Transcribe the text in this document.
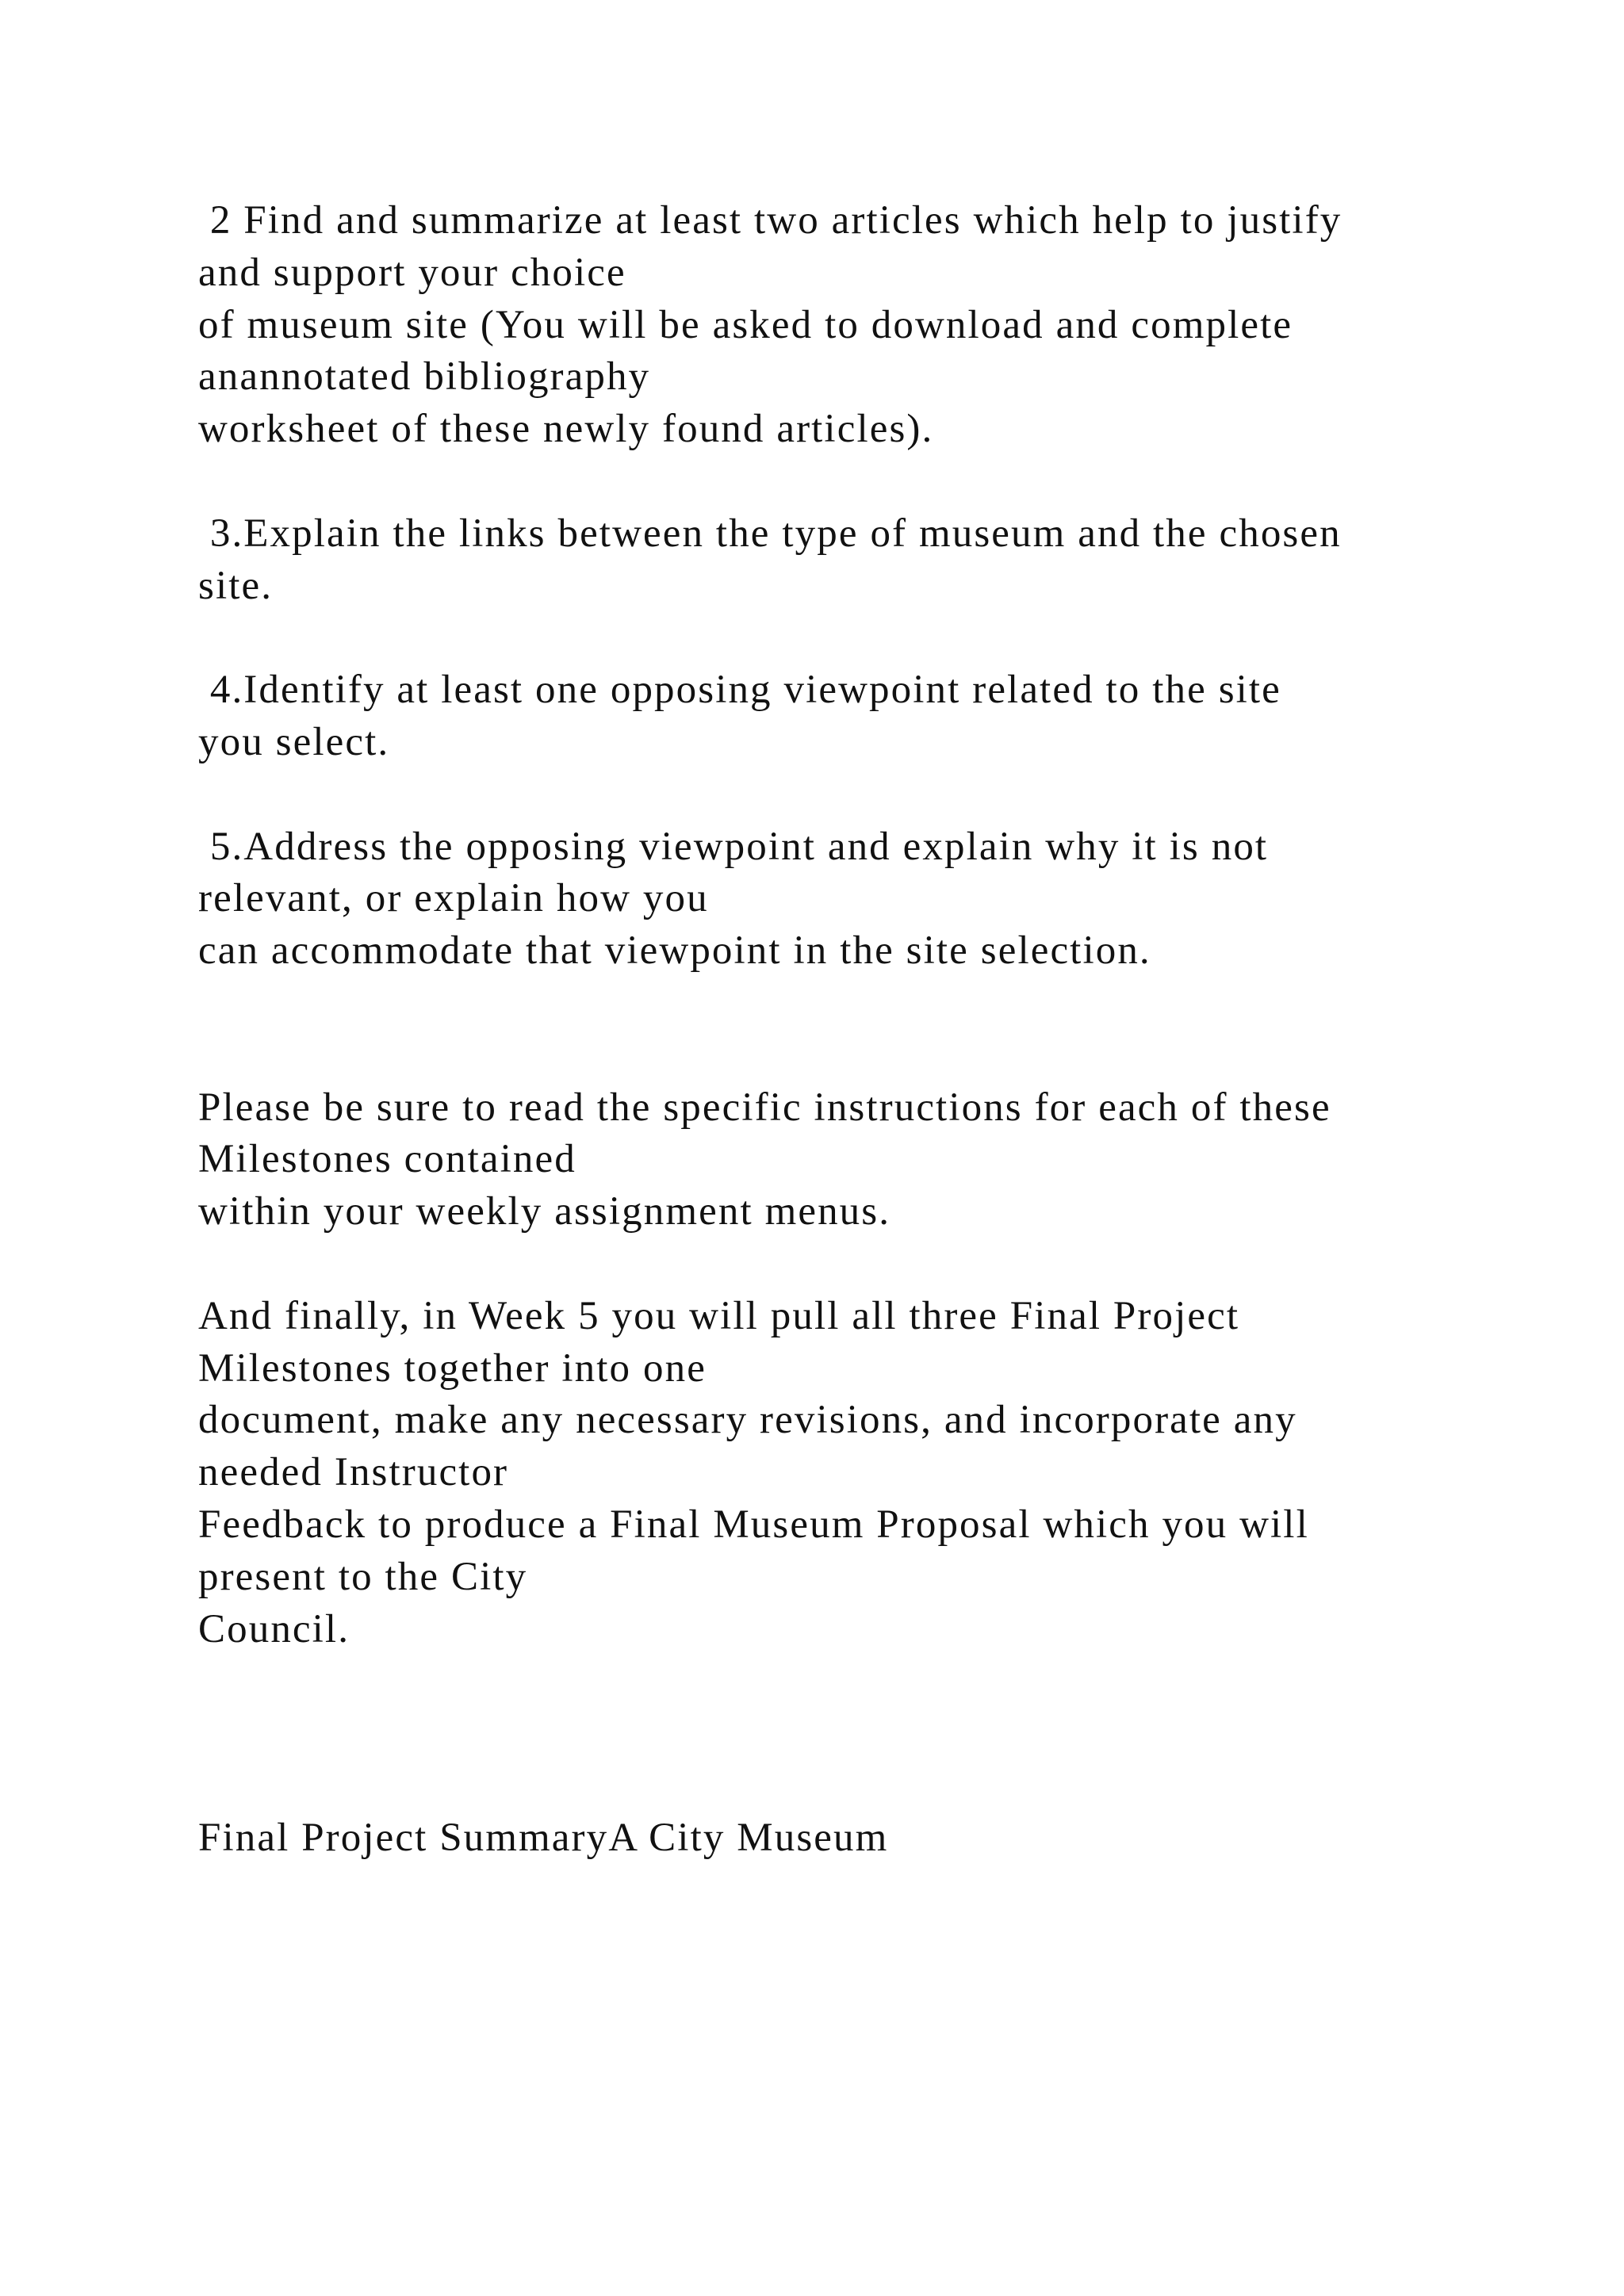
2 Find and summarize at least two articles which help to justify
and support your choice
of museum site (You will be asked to download and complete
anannotated bibliography
worksheet of these newly found articles).
3.Explain the links between the type of museum and the chosen
site.
4.Identify at least one opposing viewpoint related to the site
you select.
5.Address the opposing viewpoint and explain why it is not
relevant, or explain how you
can accommodate that viewpoint in the site selection.
Please be sure to read the specific instructions for each of these
Milestones contained
within your weekly assignment menus.
And finally, in Week 5 you will pull all three Final Project
Milestones together into one
document, make any necessary revisions, and incorporate any
needed Instructor
Feedback to produce a Final Museum Proposal which you will
present to the City
Council.
Final Project SummaryA City Museum
